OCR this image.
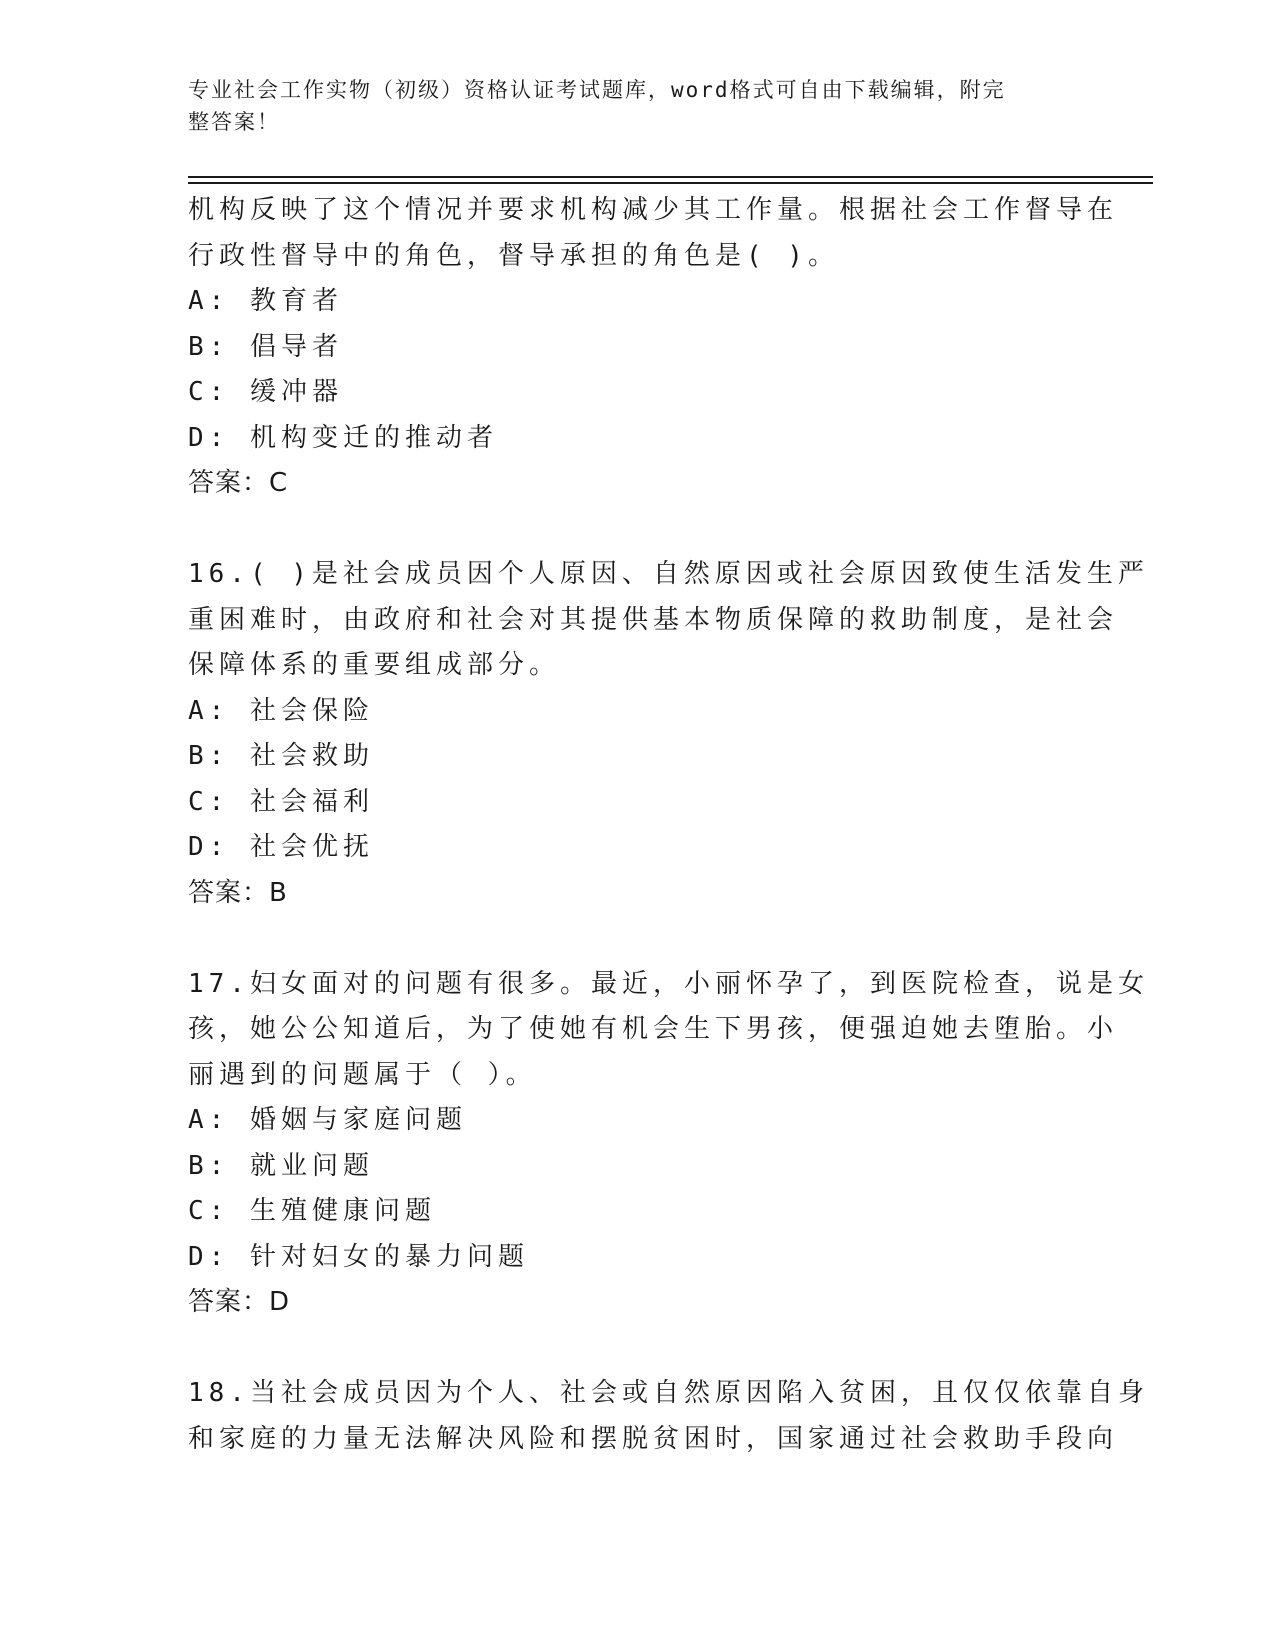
专业社会工作实物（初级）资格认证考试题库，word格式可自由下载编辑，附完
整答案！
机构反映了这个情况并要求机构减少其工作量。根据社会工作督导在
行政性督导中的角色，督导承担的角色是( )。
A: 教育者
B: 倡导者
C: 缓冲器
D: 机构变迁的推动者
答案：C
16.( )是社会成员因个人原因、自然原因或社会原因致使生活发生严
重困难时，由政府和社会对其提供基本物质保障的救助制度，是社会
保障体系的重要组成部分。
A: 社会保险
B: 社会救助
C: 社会福利
D: 社会优抚
答案：B
17.妇女面对的问题有很多。最近，小丽怀孕了，到医院检查，说是女
孩，她公公知道后，为了使她有机会生下男孩，便强迫她去堕胎。小
丽遇到的问题属于（ ）。
A: 婚姻与家庭问题
B: 就业问题
C: 生殖健康问题
D: 针对妇女的暴力问题
答案：D
18.当社会成员因为个人、社会或自然原因陷入贫困，且仅仅依靠自身
和家庭的力量无法解决风险和摆脱贫困时，国家通过社会救助手段向
